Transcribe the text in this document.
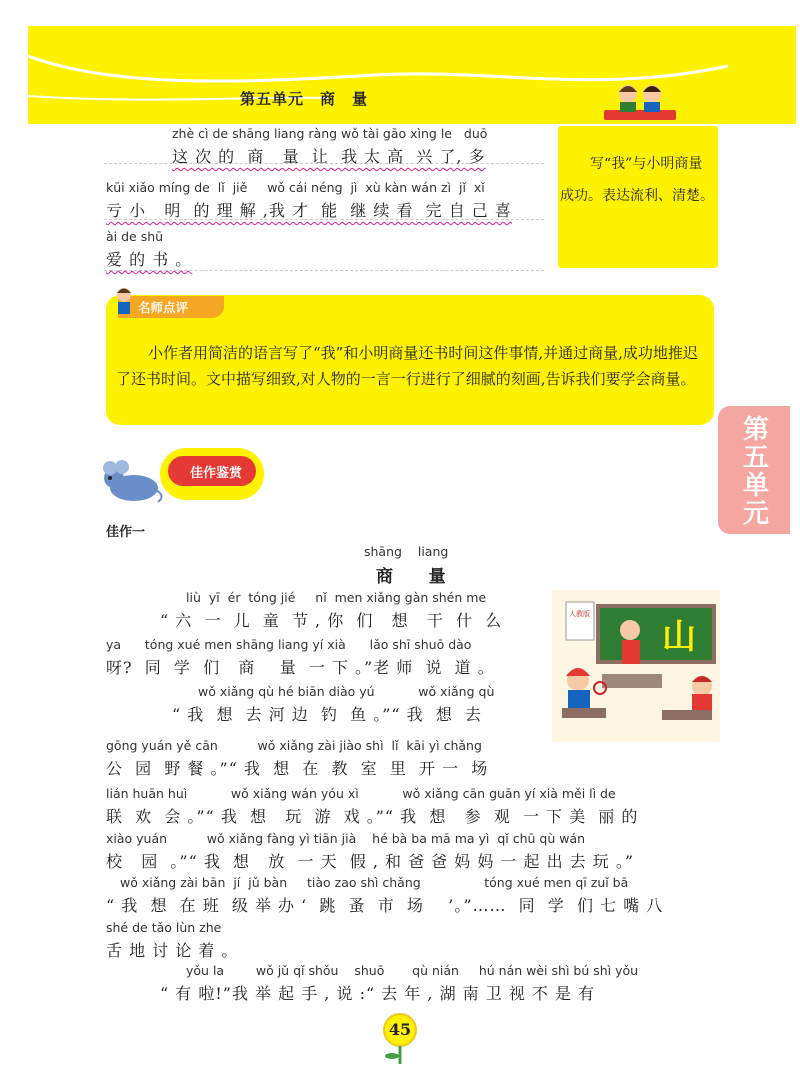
第五单元　商　量
zhè cì de shāng liang ràng wǒ tài gāo xìng le   duō
这 次 的  商   量  让  我 太 高  兴 了, 多
kūi xiǎo míng de  lǐ  jiě     wǒ cái néng  jì  xù kàn wán zì  jǐ  xǐ
亏 小   明  的 理 解 ,我 才  能  继 续 看  完 自 己 喜
ài de shū
爱 的 书 。
写“我”与小明商量成功。表达流利、清楚。
名师点评
小作者用简洁的语言写了“我”和小明商量还书时间这件事情,并通过商量,成功地推迟了还书时间。文中描写细致,对人物的一言一行进行了细腻的刻画,告诉我们要学会商量。
第五单元
佳作鉴赏
佳作一
shāng    liang
商     量
山
人教版
liù  yī  ér  tóng jié     nǐ  men xiǎng gàn shén me
“ 六  一  儿  童  节 , 你  们   想   干  什  么
ya      tóng xué men shāng liang yí xià      lǎo shī shuō dào
呀?  同  学  们   商    量  一 下 。”老 师  说  道 。
wǒ xiǎng qù hé biān diào yú           wǒ xiǎng qù
“ 我  想  去 河 边  钓  鱼 。”“ 我  想  去
gōng yuán yě cān          wǒ xiǎng zài jiào shì  lǐ  kāi yì chǎng
公  园  野 餐 。”“ 我  想  在  教  室  里  开 一  场
lián huān huì           wǒ xiǎng wán yóu xì           wǒ xiǎng cān guān yí xià měi lì de
联  欢  会 。”“ 我  想   玩  游  戏 。”“ 我  想   参  观  一 下 美  丽 的
xiào yuán          wǒ xiǎng fàng yì tiān jià    hé bà ba mā ma yì  qǐ chū qù wán
校   园  。”“ 我  想   放  一 天  假 , 和 爸 爸 妈 妈 一 起 出 去 玩 。”
wǒ xiǎng zài bān  jí  jǔ bàn     tiào zao shì chǎng                tóng xué men qī zuǐ bā
“ 我  想  在 班  级 举 办 ‘  跳  蚤  市  场    ’。”……  同  学  们 七 嘴 八
shé de tǎo lùn zhe
舌 地 讨 论 着 。
yǒu la        wǒ jǔ qǐ shǒu    shuō       qù nián     hú nán wèi shì bú shì yǒu
“ 有 啦!”我 举 起 手 , 说 :“ 去 年 , 湖 南 卫 视 不 是 有
45
